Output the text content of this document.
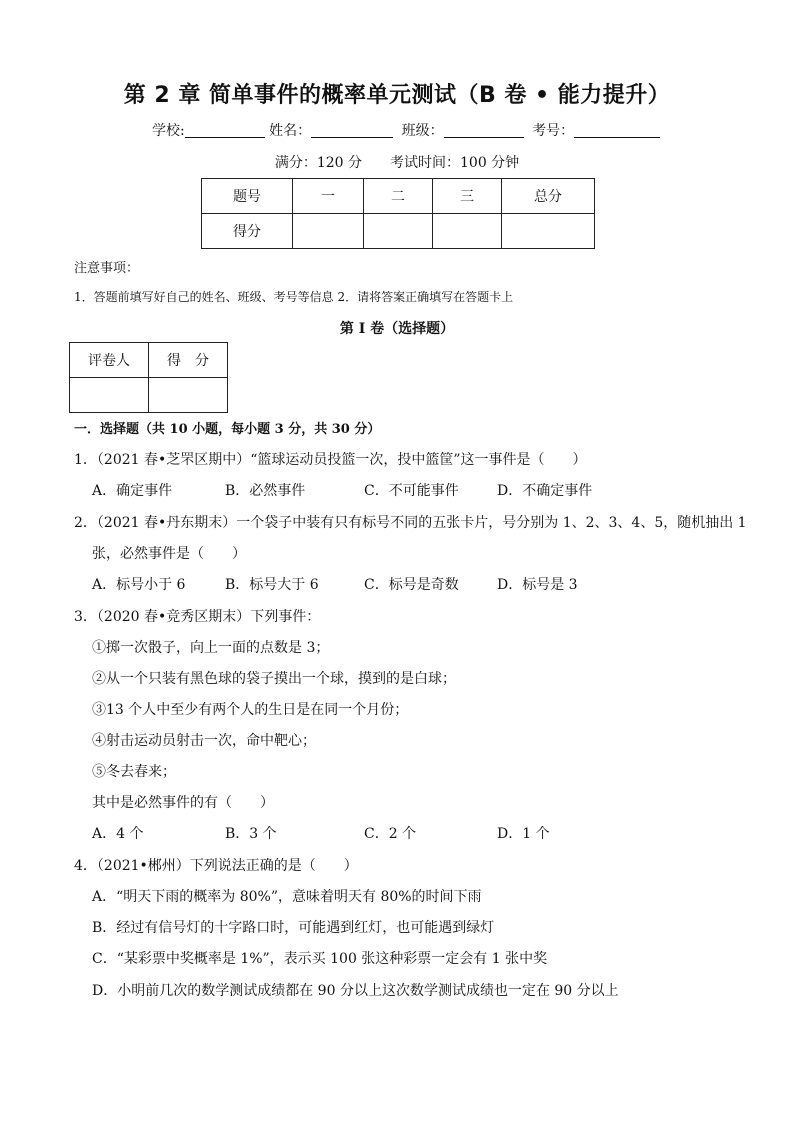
第 2 章 简单事件的概率单元测试（B 卷 • 能力提升）
学校:	姓名：	班级：	考号：
满分：120 分 考试时间：100 分钟
题号	一	二	三	总分
得分				
注意事项：
1．答题前填写好自己的姓名、班级、考号等信息 2．请将答案正确填写在答题卡上
第 I 卷（选择题）
评卷人	得　分

一．选择题（共 10 小题，每小题 3 分，共 30 分）
1．（2021 春•芝罘区期中）“篮球运动员投篮一次，投中篮筐”这一事件是（　　）
A．确定事件	B．必然事件	C．不可能事件	D．不确定事件
2．（2021 春•丹东期末）一个袋子中装有只有标号不同的五张卡片，号分别为 1、2、3、4、5，随机抽出 1
张，必然事件是（　　）
A．标号小于 6	B．标号大于 6	C．标号是奇数	D．标号是 3
3．（2020 春•竞秀区期末）下列事件：
①掷一次骰子，向上一面的点数是 3；
②从一个只装有黑色球的袋子摸出一个球，摸到的是白球；
③13 个人中至少有两个人的生日是在同一个月份；
④射击运动员射击一次，命中靶心；
⑤冬去春来；
其中是必然事件的有（　　）
A．4 个	B．3 个	C．2 个	D．1 个
4．（2021•郴州）下列说法正确的是（　　）
A．“明天下雨的概率为 80%”，意味着明天有 80%的时间下雨
B．经过有信号灯的十字路口时，可能遇到红灯，也可能遇到绿灯
C．“某彩票中奖概率是 1%”，表示买 100 张这种彩票一定会有 1 张中奖
D．小明前几次的数学测试成绩都在 90 分以上这次数学测试成绩也一定在 90 分以上
